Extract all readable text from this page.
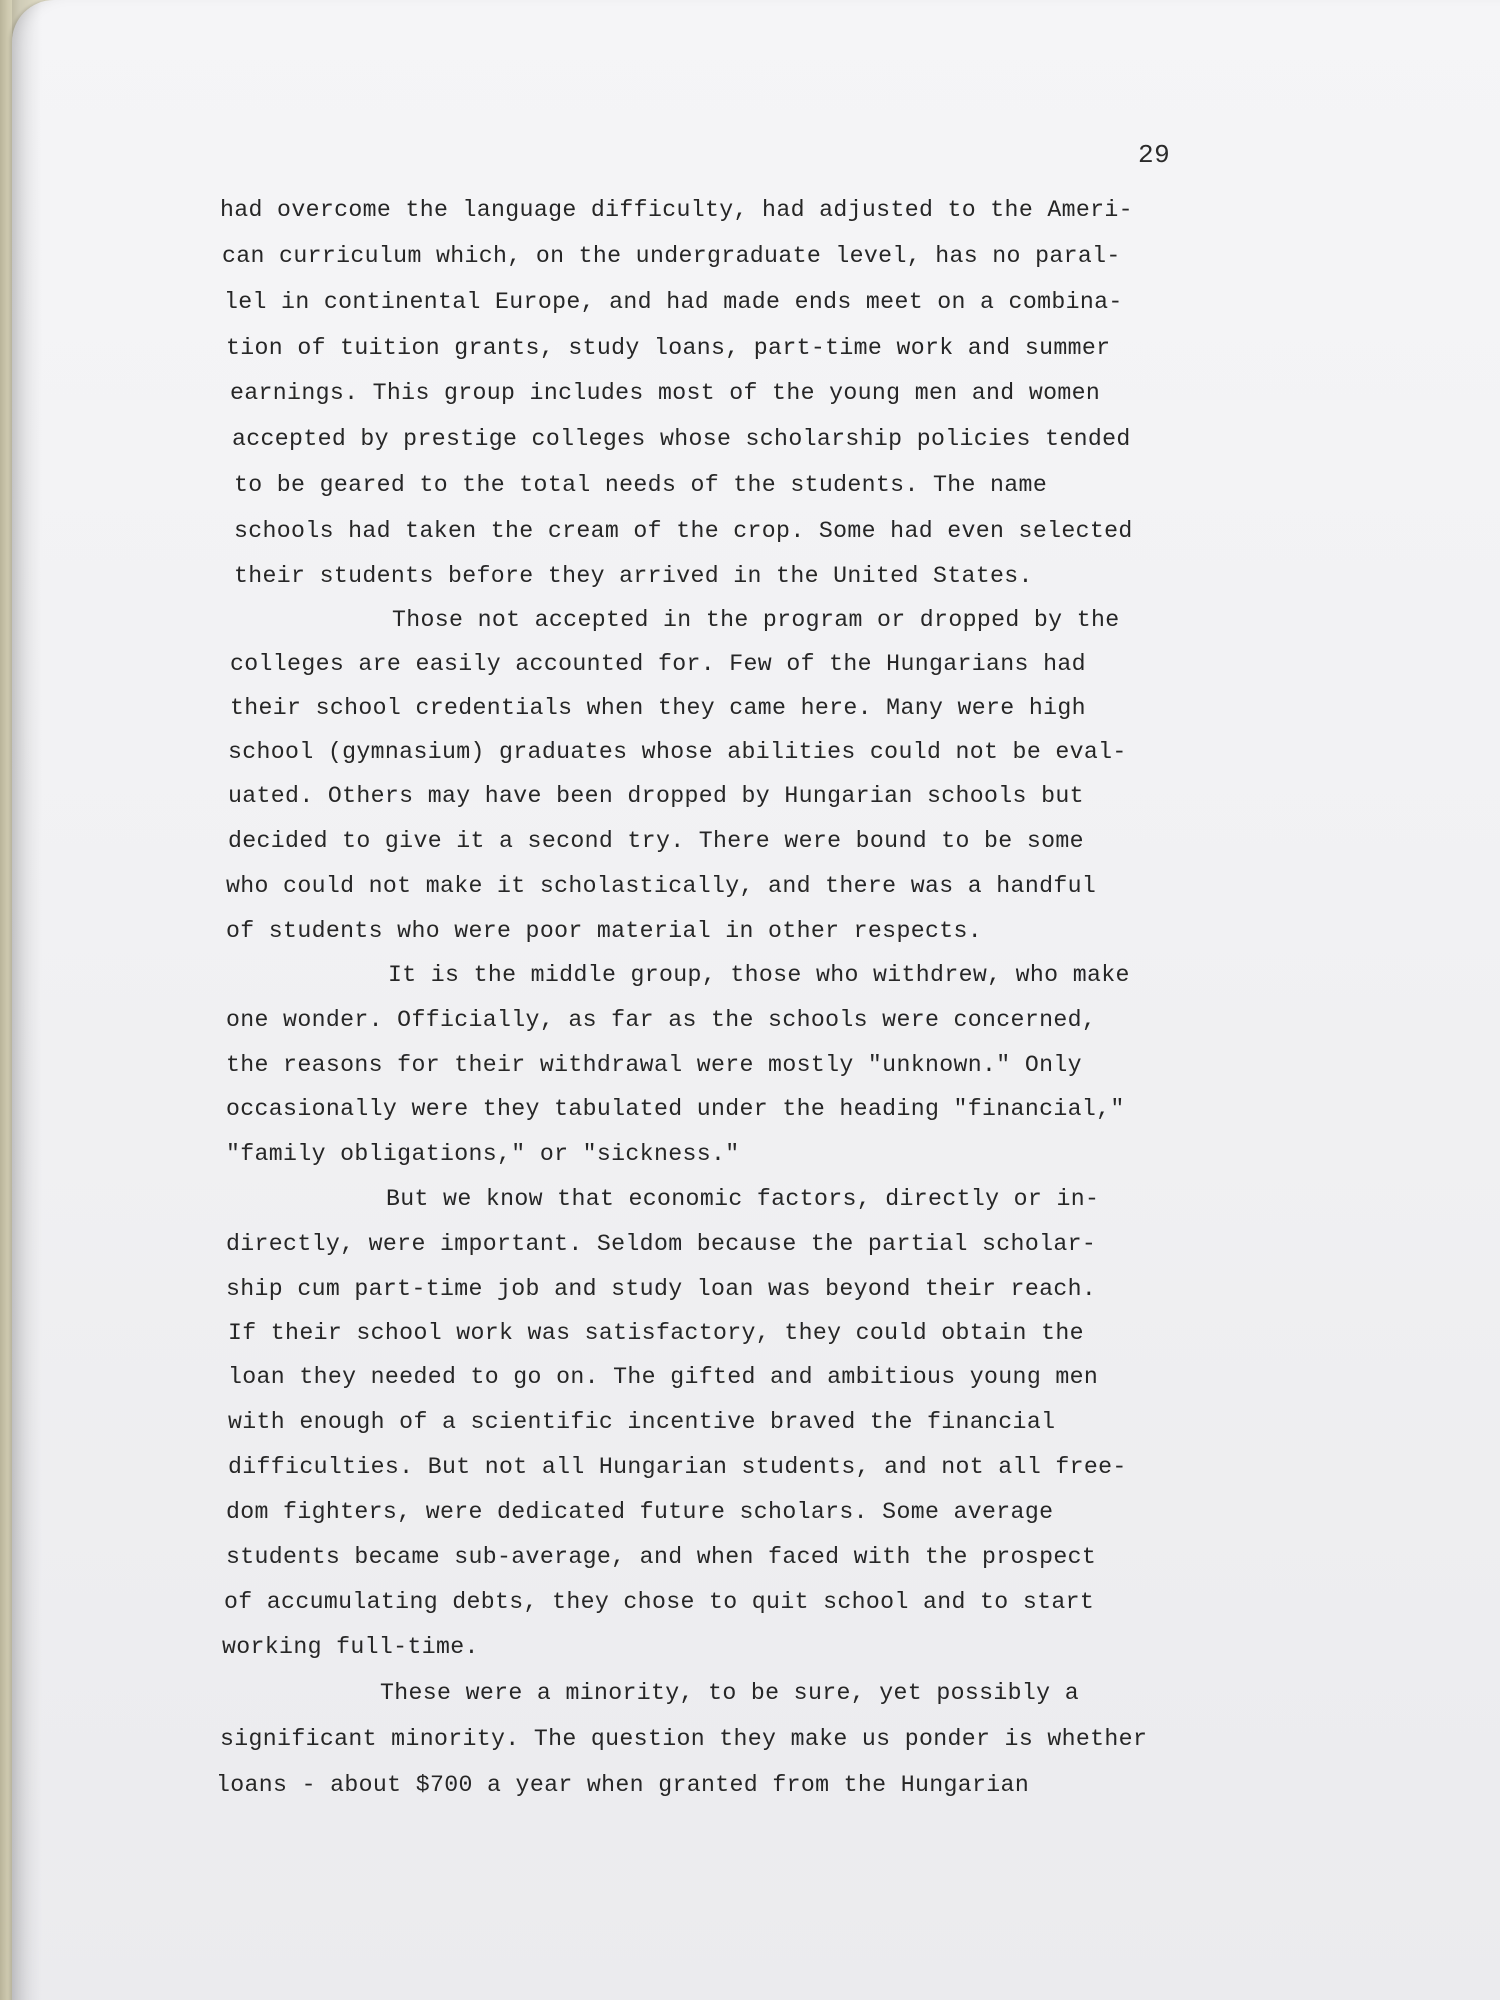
29
had overcome the language difficulty, had adjusted to the Ameri-
can curriculum which, on the undergraduate level, has no paral-
lel in continental Europe, and had made ends meet on a combina-
tion of tuition grants, study loans, part-time work and summer
earnings. This group includes most of the young men and women
accepted by prestige colleges whose scholarship policies tended
to be geared to the total needs of the students. The name
schools had taken the cream of the crop. Some had even selected
their students before they arrived in the United States.
Those not accepted in the program or dropped by the
colleges are easily accounted for. Few of the Hungarians had
their school credentials when they came here. Many were high
school (gymnasium) graduates whose abilities could not be eval-
uated. Others may have been dropped by Hungarian schools but
decided to give it a second try. There were bound to be some
who could not make it scholastically, and there was a handful
of students who were poor material in other respects.
It is the middle group, those who withdrew, who make
one wonder. Officially, as far as the schools were concerned,
the reasons for their withdrawal were mostly "unknown." Only
occasionally were they tabulated under the heading "financial,"
"family obligations," or "sickness."
But we know that economic factors, directly or in-
directly, were important. Seldom because the partial scholar-
ship cum part-time job and study loan was beyond their reach.
If their school work was satisfactory, they could obtain the
loan they needed to go on. The gifted and ambitious young men
with enough of a scientific incentive braved the financial
difficulties. But not all Hungarian students, and not all free-
dom fighters, were dedicated future scholars. Some average
students became sub-average, and when faced with the prospect
of accumulating debts, they chose to quit school and to start
working full-time.
These were a minority, to be sure, yet possibly a
significant minority. The question they make us ponder is whether
loans - about $700 a year when granted from the Hungarian
